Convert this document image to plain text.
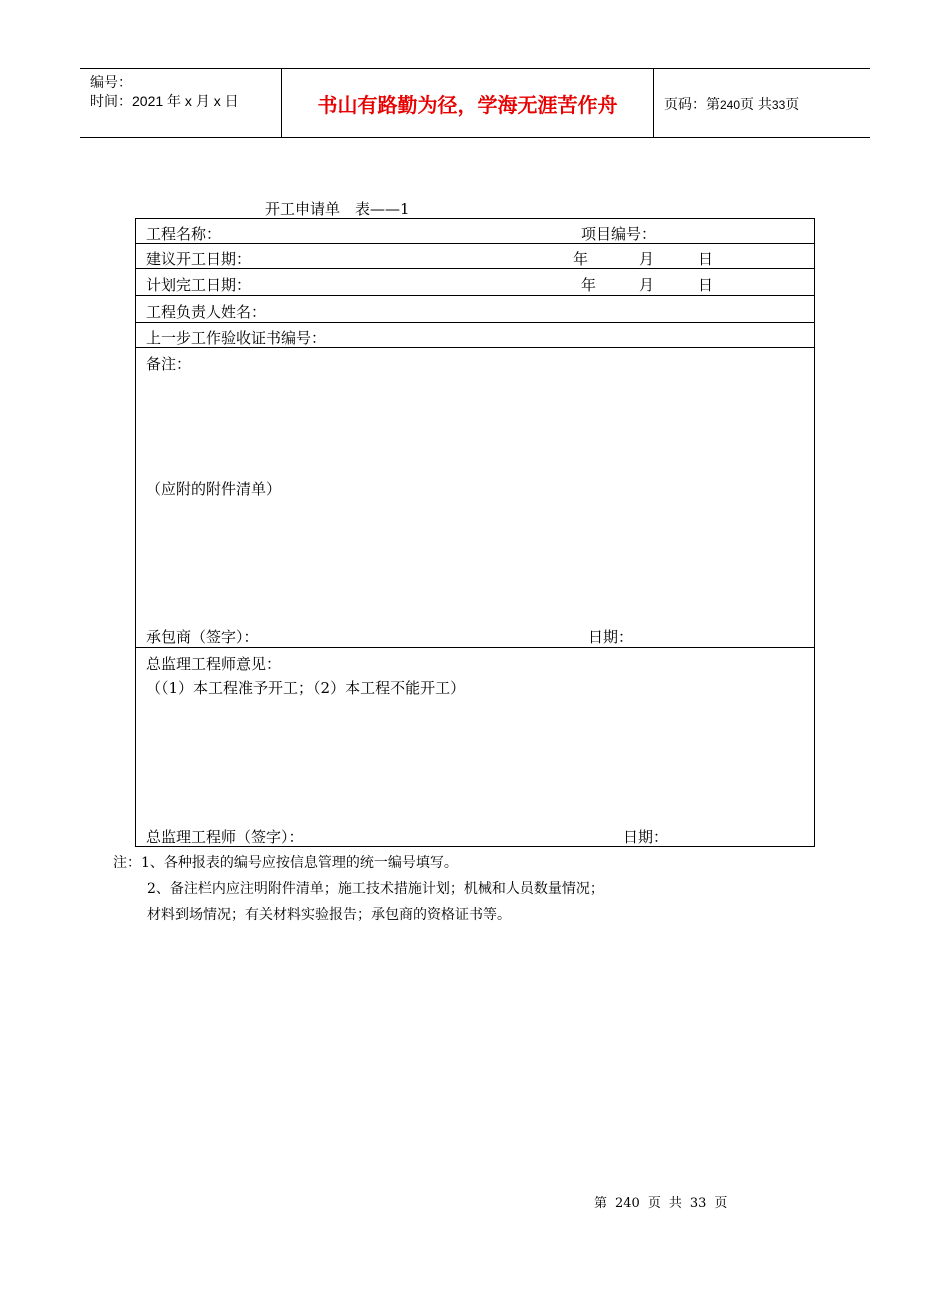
编号：
时间：2021 年 x 月 x 日	书山有路勤为径，学海无涯苦作舟	页码：第240页 共33页
开工申请单　表——1
工程名称：	项目编号：
建议开工日期：	年	月	日
计划完工日期：	年	月	日
工程负责人姓名：
上一步工作验收证书编号：
备注：
（应附的附件清单）
承包商（签字）：	日期：
总监理工程师意见：
（（1）本工程准予开工；（2）本工程不能开工）
总监理工程师（签字）：	日期：
注：1、各种报表的编号应按信息管理的统一编号填写。
2、备注栏内应注明附件清单；施工技术措施计划；机械和人员数量情况；
材料到场情况；有关材料实验报告；承包商的资格证书等。
第 240 页 共 33 页
